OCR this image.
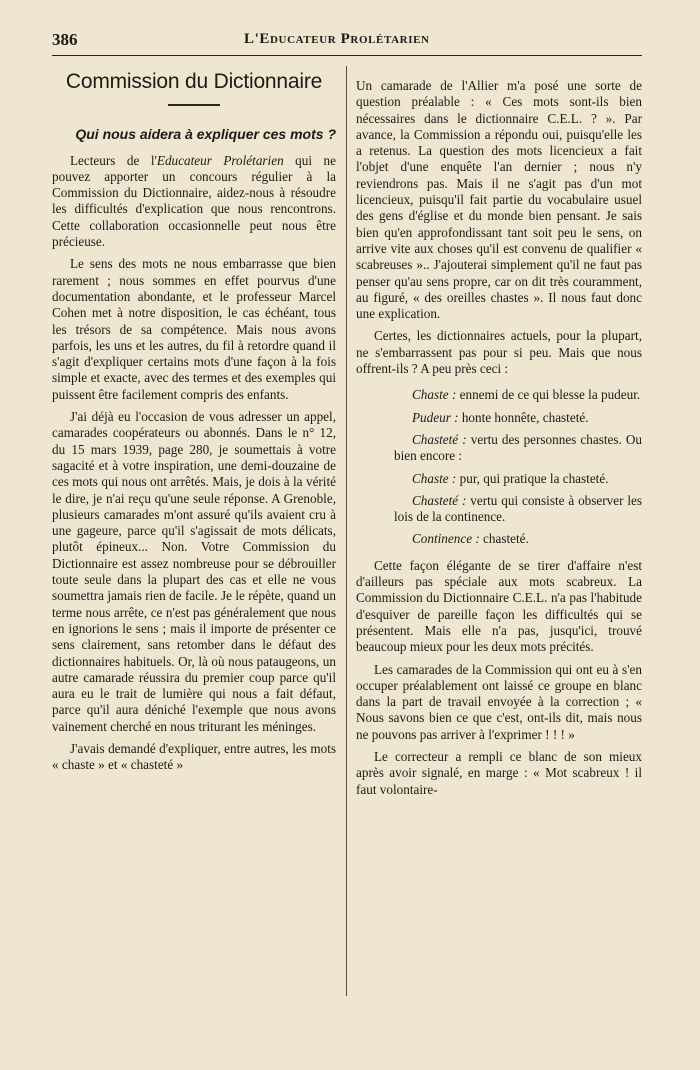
386	L'Educateur Prolétarien
Commission du Dictionnaire
Qui nous aidera à expliquer ces mots ?

Lecteurs de l'Educateur Prolétarien qui ne pouvez apporter un concours régulier à la Commission du Dictionnaire, aidez-nous à résoudre les difficultés d'explication que nous rencontrons. Cette collaboration occasionnelle peut nous être précieuse.

Le sens des mots ne nous embarrasse que bien rarement ; nous sommes en effet pourvus d'une documentation abondante, et le professeur Marcel Cohen met à notre disposition, le cas échéant, tous les trésors de sa compétence. Mais nous avons parfois, les uns et les autres, du fil à retordre quand il s'agit d'expliquer certains mots d'une façon à la fois simple et exacte, avec des termes et des exemples qui puissent être facilement compris des enfants.

J'ai déjà eu l'occasion de vous adresser un appel, camarades coopérateurs ou abonnés. Dans le n° 12, du 15 mars 1939, page 280, je soumettais à votre sagacité et à votre inspiration, une demi-douzaine de ces mots qui nous ont arrêtés. Mais, je dois à la vérité le dire, je n'ai reçu qu'une seule réponse. A Grenoble, plusieurs camarades m'ont assuré qu'ils avaient cru à une gageure, parce qu'il s'agissait de mots délicats, plutôt épineux... Non. Votre Commission du Dictionnaire est assez nombreuse pour se débrouiller toute seule dans la plupart des cas et elle ne vous soumettra jamais rien de facile. Je le répète, quand un terme nous arrête, ce n'est pas généralement que nous en ignorions le sens ; mais il importe de présenter ce sens clairement, sans retomber dans le défaut des dictionnaires habituels. Or, là où nous pataugeons, un autre camarade réussira du premier coup parce qu'il aura eu le trait de lumière qui nous a fait défaut, parce qu'il aura déniché l'exemple que nous avons vainement cherché en nous triturant les méninges.

J'avais demandé d'expliquer, entre autres, les mots « chaste » et « chasteté »

Un camarade de l'Allier m'a posé une sorte de question préalable : « Ces mots sont-ils bien nécessaires dans le dictionnaire C.E.L. ? ». Par avance, la Commission a répondu oui, puisqu'elle les a retenus. La question des mots licencieux a fait l'objet d'une enquête l'an dernier ; nous n'y reviendrons pas. Mais il ne s'agit pas d'un mot licencieux, puisqu'il fait partie du vocabulaire usuel des gens d'église et du monde bien pensant. Je sais bien qu'en approfondissant tant soit peu le sens, on arrive vite aux choses qu'il est convenu de qualifier « scabreuses ».. J'ajouterai simplement qu'il ne faut pas penser qu'au sens propre, car on dit très couramment, au figuré, « des oreilles chastes ». Il nous faut donc une explication.

Certes, les dictionnaires actuels, pour la plupart, ne s'embarrassent pas pour si peu. Mais que nous offrent-ils ? A peu près ceci :

Chaste : ennemi de ce qui blesse la pudeur.

Pudeur : honte honnête, chasteté.

Chasteté : vertu des personnes chastes. Ou bien encore :

Chaste : pur, qui pratique la chasteté.

Chasteté : vertu qui consiste à observer les lois de la continence.

Continence : chasteté.

Cette façon élégante de se tirer d'affaire n'est d'ailleurs pas spéciale aux mots scabreux. La Commission du Dictionnaire C.E.L. n'a pas l'habitude d'esquiver de pareille façon les difficultés qui se présentent. Mais elle n'a pas, jusqu'ici, trouvé beaucoup mieux pour les deux mots précités.

Les camarades de la Commission qui ont eu à s'en occuper préalablement ont laissé ce groupe en blanc dans la part de travail envoyée à la correction ; « Nous savons bien ce que c'est, ont-ils dit, mais nous ne pouvons pas arriver à l'exprimer ! ! ! »

Le correcteur a rempli ce blanc de son mieux après avoir signalé, en marge : « Mot scabreux ! il faut volontaire-
